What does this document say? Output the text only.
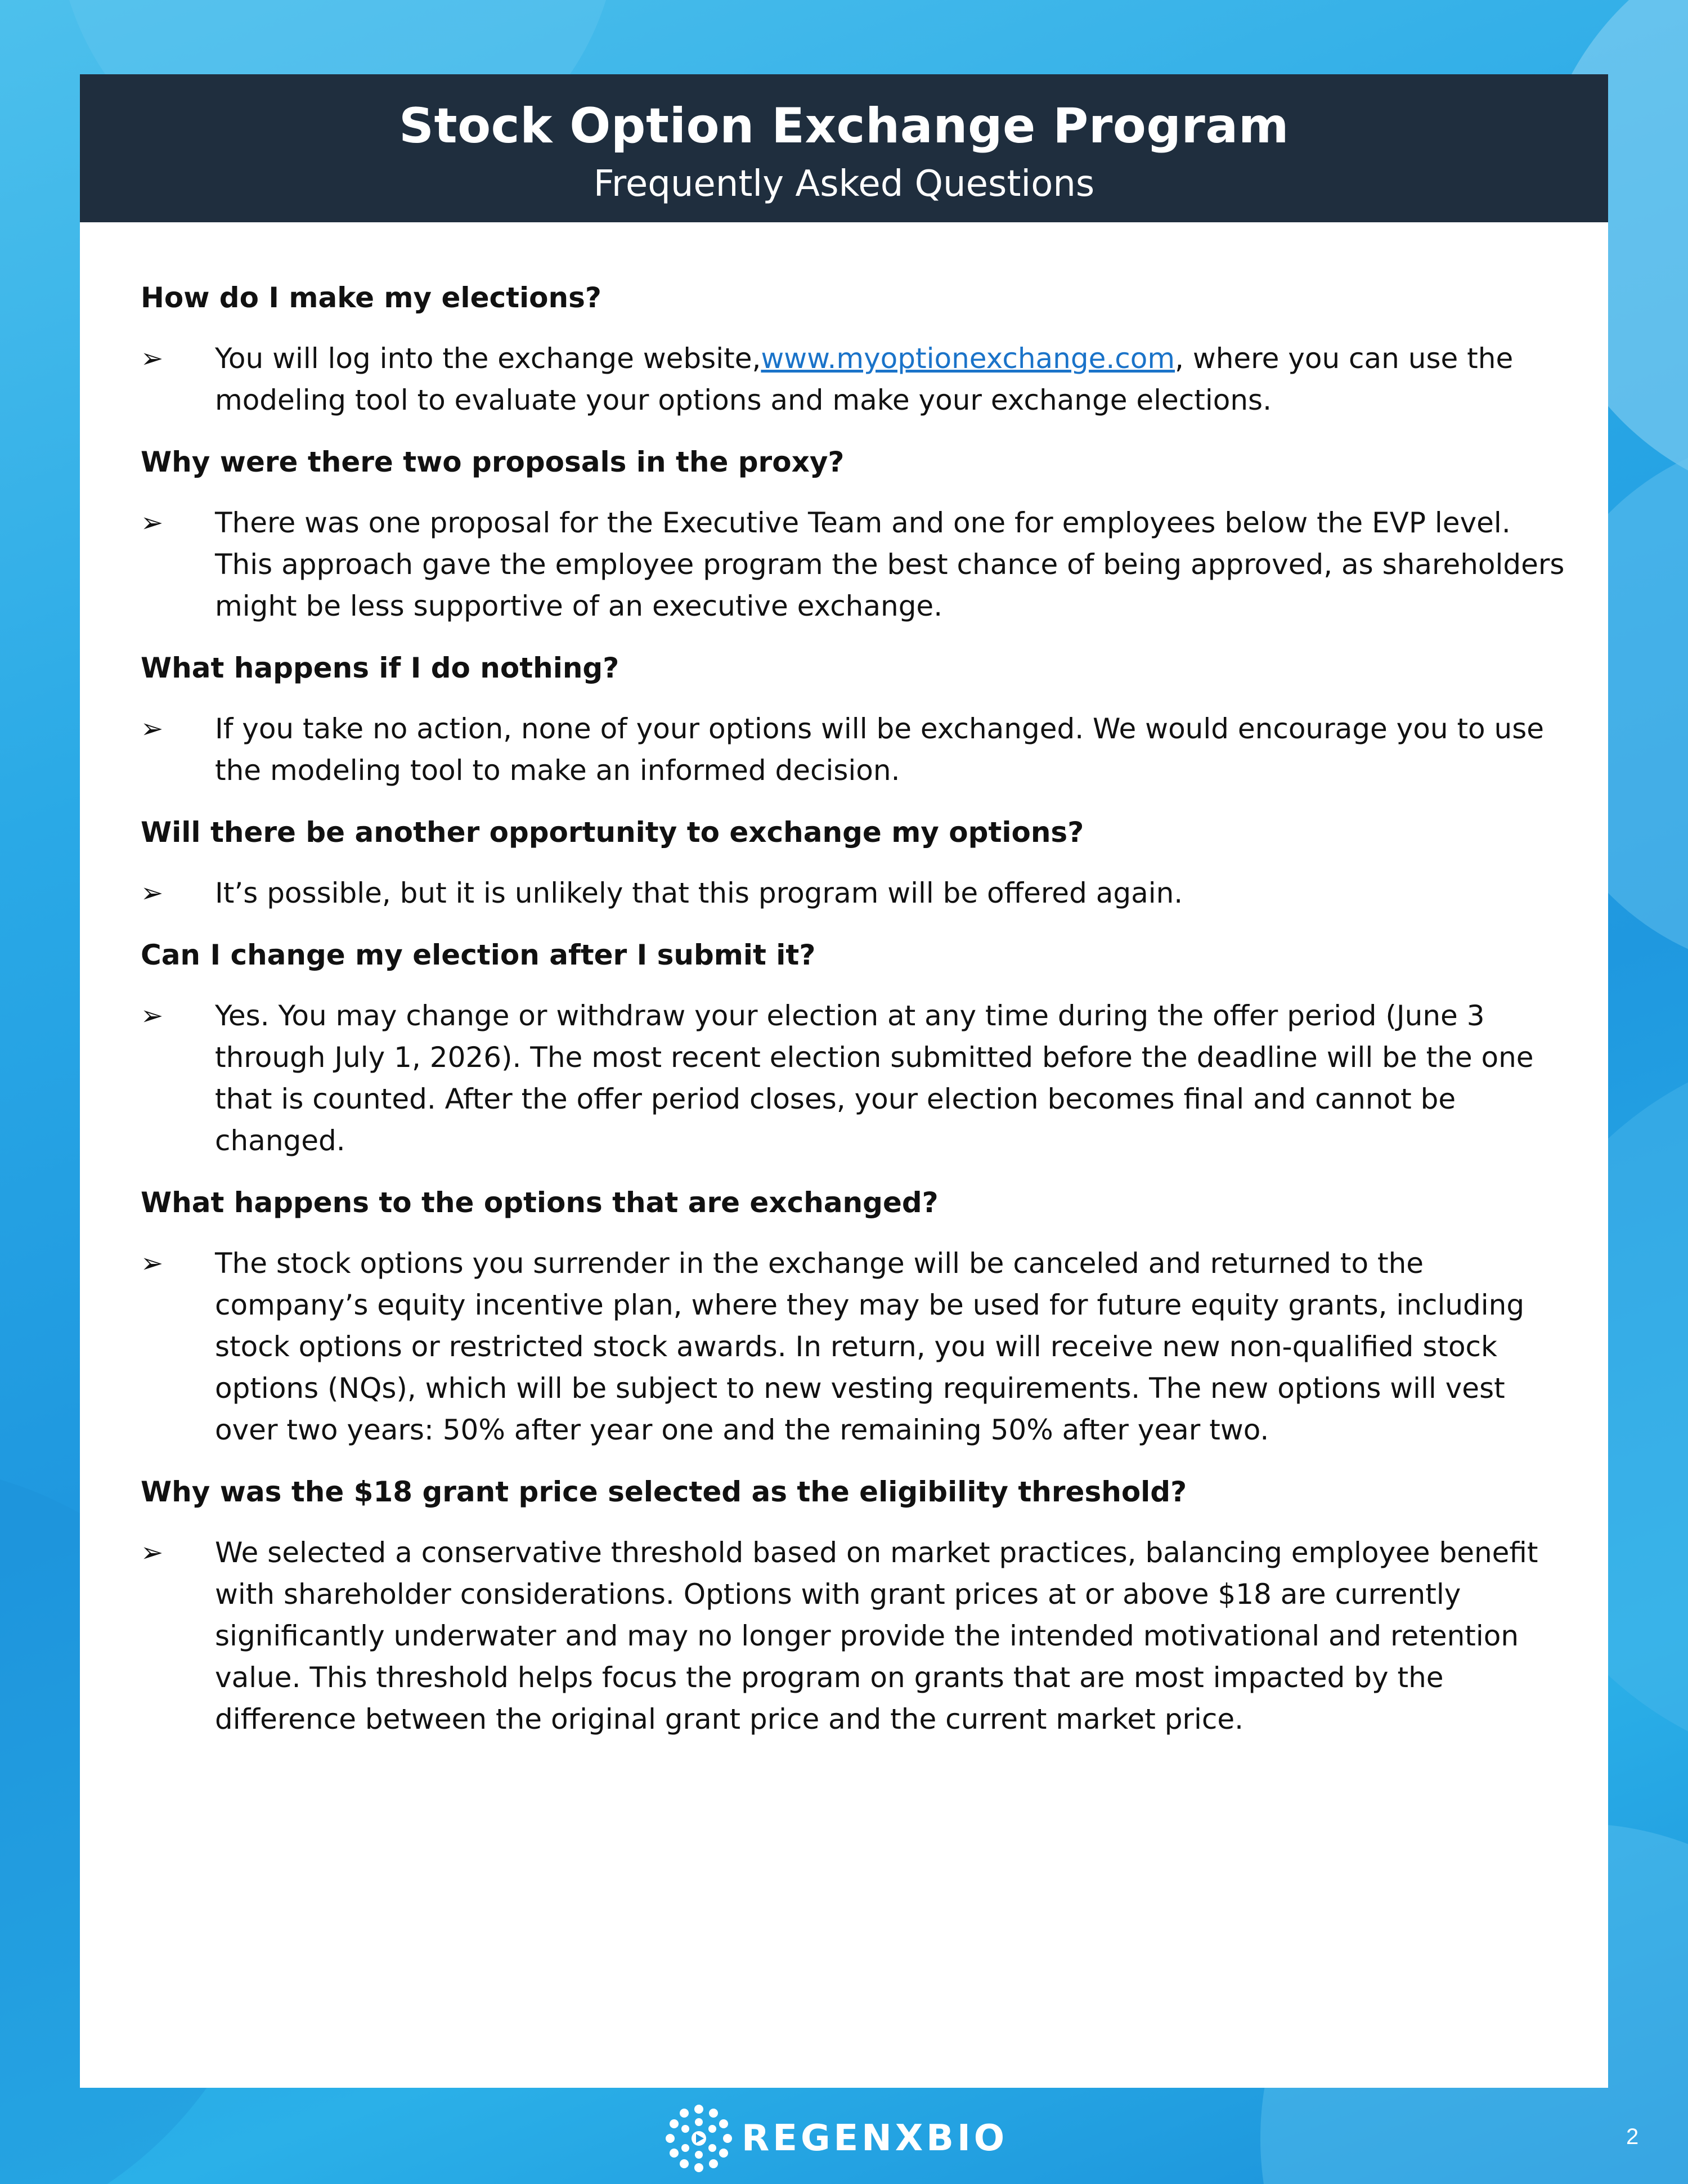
Stock Option Exchange Program
Frequently Asked Questions
How do I make my elections?
➢	You will log into the exchange website,www.myoptionexchange.com, where you can use the modeling tool to evaluate your options and make your exchange elections.
Why were there two proposals in the proxy?
➢	There was one proposal for the Executive Team and one for employees below the EVP level. This approach gave the employee program the best chance of being approved, as shareholders might be less supportive of an executive exchange.
What happens if I do nothing?
➢	If you take no action, none of your options will be exchanged. We would encourage you to use the modeling tool to make an informed decision.
Will there be another opportunity to exchange my options?
➢	It’s possible, but it is unlikely that this program will be offered again.
Can I change my election after I submit it?
➢	Yes. You may change or withdraw your election at any time during the offer period (June 3 through July 1, 2026). The most recent election submitted before the deadline will be the one that is counted. After the offer period closes, your election becomes final and cannot be changed.
What happens to the options that are exchanged?
➢	The stock options you surrender in the exchange will be canceled and returned to the company’s equity incentive plan, where they may be used for future equity grants, including stock options or restricted stock awards. In return, you will receive new non-qualified stock options (NQs), which will be subject to new vesting requirements. The new options will vest over two years: 50% after year one and the remaining 50% after year two.
Why was the $18 grant price selected as the eligibility threshold?
➢	We selected a conservative threshold based on market practices, balancing employee benefit with shareholder considerations. Options with grant prices at or above $18 are currently significantly underwater and may no longer provide the intended motivational and retention value. This threshold helps focus the program on grants that are most impacted by the difference between the original grant price and the current market price.
REGENXBIO	2
